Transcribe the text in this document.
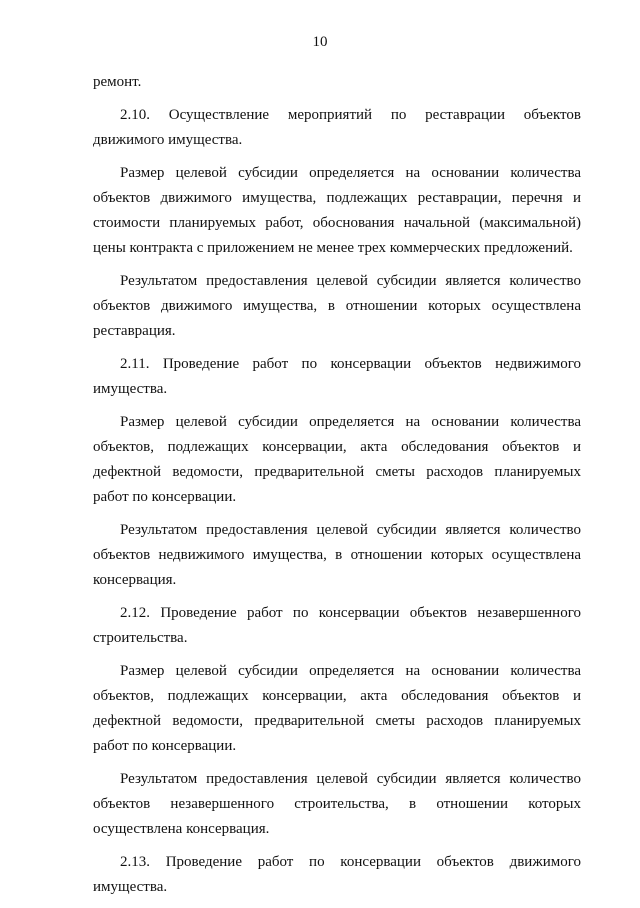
10

ремонт.

2.10. Осуществление мероприятий по реставрации объектов движимого имущества.

Размер целевой субсидии определяется на основании количества объектов движимого имущества, подлежащих реставрации, перечня и стоимости планируемых работ, обоснования начальной (максимальной) цены контракта с приложением не менее трех коммерческих предложений.

Результатом предоставления целевой субсидии является количество объектов движимого имущества, в отношении которых осуществлена реставрация.

2.11. Проведение работ по консервации объектов недвижимого имущества.

Размер целевой субсидии определяется на основании количества объектов, подлежащих консервации, акта обследования объектов и дефектной ведомости, предварительной сметы расходов планируемых работ по консервации.

Результатом предоставления целевой субсидии является количество объектов недвижимого имущества, в отношении которых осуществлена консервация.

2.12. Проведение работ по консервации объектов незавершенного строительства.

Размер целевой субсидии определяется на основании количества объектов, подлежащих консервации, акта обследования объектов и дефектной ведомости, предварительной сметы расходов планируемых работ по консервации.

Результатом предоставления целевой субсидии является количество объектов незавершенного строительства, в отношении которых осуществлена консервация.

2.13. Проведение работ по консервации объектов движимого имущества.
